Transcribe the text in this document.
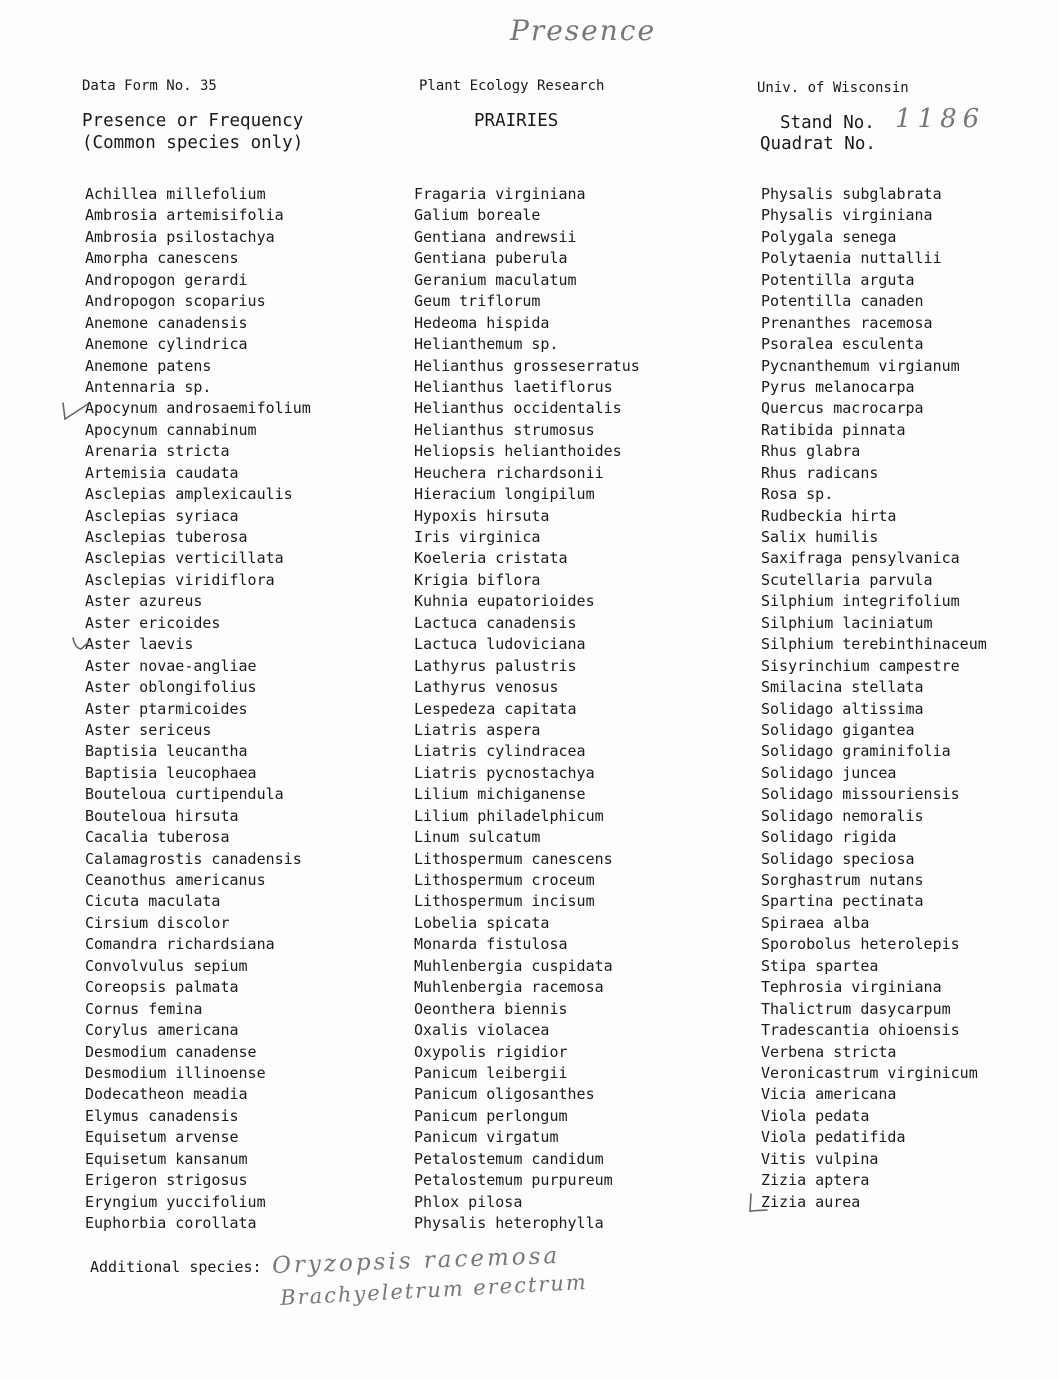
Presence
Data Form No. 35	Plant Ecology Research	Univ. of Wisconsin
Presence or Frequency
(Common species only)
PRAIRIES	Stand No.
Quadrat No.
1186
Achillea millefolium
Ambrosia artemisifolia
Ambrosia psilostachya
Amorpha canescens
Andropogon gerardi
Andropogon scoparius
Anemone canadensis
Anemone cylindrica
Anemone patens
Antennaria sp.
Apocynum androsaemifolium
Apocynum cannabinum
Arenaria stricta
Artemisia caudata
Asclepias amplexicaulis
Asclepias syriaca
Asclepias tuberosa
Asclepias verticillata
Asclepias viridiflora
Aster azureus
Aster ericoides
Aster laevis
Aster novae-angliae
Aster oblongifolius
Aster ptarmicoides
Aster sericeus
Baptisia leucantha
Baptisia leucophaea
Bouteloua curtipendula
Bouteloua hirsuta
Cacalia tuberosa
Calamagrostis canadensis
Ceanothus americanus
Cicuta maculata
Cirsium discolor
Comandra richardsiana
Convolvulus sepium
Coreopsis palmata
Cornus femina
Corylus americana
Desmodium canadense
Desmodium illinoense
Dodecatheon meadia
Elymus canadensis
Equisetum arvense
Equisetum kansanum
Erigeron strigosus
Eryngium yuccifolium
Euphorbia corollata
Fragaria virginiana
Galium boreale
Gentiana andrewsii
Gentiana puberula
Geranium maculatum
Geum triflorum
Hedeoma hispida
Helianthemum sp.
Helianthus grosseserratus
Helianthus laetiflorus
Helianthus occidentalis
Helianthus strumosus
Heliopsis helianthoides
Heuchera richardsonii
Hieracium longipilum
Hypoxis hirsuta
Iris virginica
Koeleria cristata
Krigia biflora
Kuhnia eupatorioides
Lactuca canadensis
Lactuca ludoviciana
Lathyrus palustris
Lathyrus venosus
Lespedeza capitata
Liatris aspera
Liatris cylindracea
Liatris pycnostachya
Lilium michiganense
Lilium philadelphicum
Linum sulcatum
Lithospermum canescens
Lithospermum croceum
Lithospermum incisum
Lobelia spicata
Monarda fistulosa
Muhlenbergia cuspidata
Muhlenbergia racemosa
Oeonthera biennis
Oxalis violacea
Oxypolis rigidior
Panicum leibergii
Panicum oligosanthes
Panicum perlongum
Panicum virgatum
Petalostemum candidum
Petalostemum purpureum
Phlox pilosa
Physalis heterophylla
Physalis subglabrata
Physalis virginiana
Polygala senega
Polytaenia nuttallii
Potentilla arguta
Potentilla canaden
Prenanthes racemosa
Psoralea esculenta
Pycnanthemum virgianum
Pyrus melanocarpa
Quercus macrocarpa
Ratibida pinnata
Rhus glabra
Rhus radicans
Rosa sp.
Rudbeckia hirta
Salix humilis
Saxifraga pensylvanica
Scutellaria parvula
Silphium integrifolium
Silphium laciniatum
Silphium terebinthinaceum
Sisyrinchium campestre
Smilacina stellata
Solidago altissima
Solidago gigantea
Solidago graminifolia
Solidago juncea
Solidago missouriensis
Solidago nemoralis
Solidago rigida
Solidago speciosa
Sorghastrum nutans
Spartina pectinata
Spiraea alba
Sporobolus heterolepis
Stipa spartea
Tephrosia virginiana
Thalictrum dasycarpum
Tradescantia ohioensis
Verbena stricta
Veronicastrum virginicum
Vicia americana
Viola pedata
Viola pedatifida
Vitis vulpina
Zizia aptera
Zizia aurea
Additional species: Oryzopsis racemosa
Brachyeletrum erectrum
